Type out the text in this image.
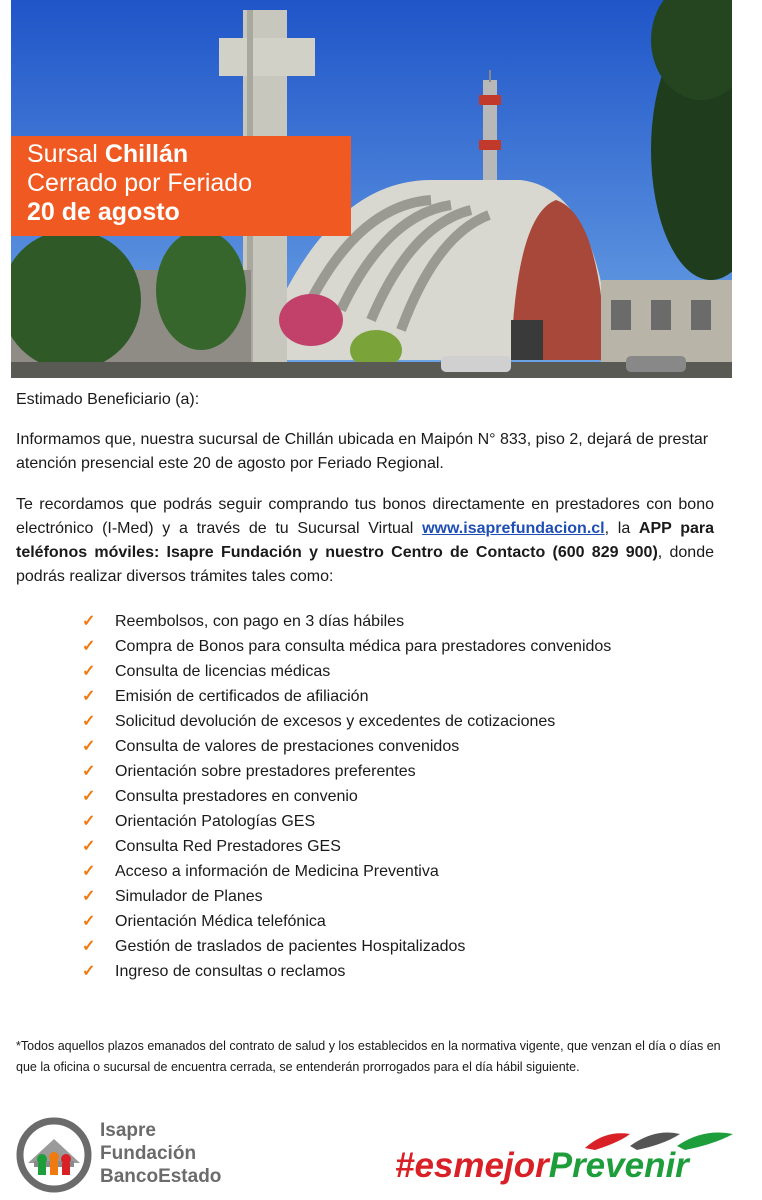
Sursal Chillán
Cerrado por Feriado
20 de agosto
Estimado Beneficiario (a):
Informamos que, nuestra sucursal de Chillán ubicada en Maipón N° 833, piso 2, dejará de prestar atención presencial este 20 de agosto por Feriado Regional.
Te recordamos que podrás seguir comprando tus bonos directamente en prestadores con bono electrónico (I-Med) y a través de tu Sucursal Virtual www.isaprefundacion.cl, la APP para teléfonos móviles: Isapre Fundación y nuestro Centro de Contacto (600 829 900), donde podrás realizar diversos trámites tales como:
✓	Reembolsos, con pago en 3 días hábiles
✓	Compra de Bonos para consulta médica para prestadores convenidos
✓	Consulta de licencias médicas
✓	Emisión de certificados de afiliación
✓	Solicitud devolución de excesos y excedentes de cotizaciones
✓	Consulta de valores de prestaciones convenidos
✓	Orientación sobre prestadores preferentes
✓	Consulta prestadores en convenio
✓	Orientación Patologías GES
✓	Consulta Red Prestadores GES
✓	Acceso a información de Medicina Preventiva
✓	Simulador de Planes
✓	Orientación Médica telefónica
✓	Gestión de traslados de pacientes Hospitalizados
✓	Ingreso de consultas o reclamos
*Todos aquellos plazos emanados del contrato de salud y los establecidos en la normativa vigente, que venzan el día o días en que la oficina o sucursal de encuentra cerrada, se entenderán prorrogados para el día hábil siguiente.
Isapre
Fundación
BancoEstado	#esmejorPrevenir
